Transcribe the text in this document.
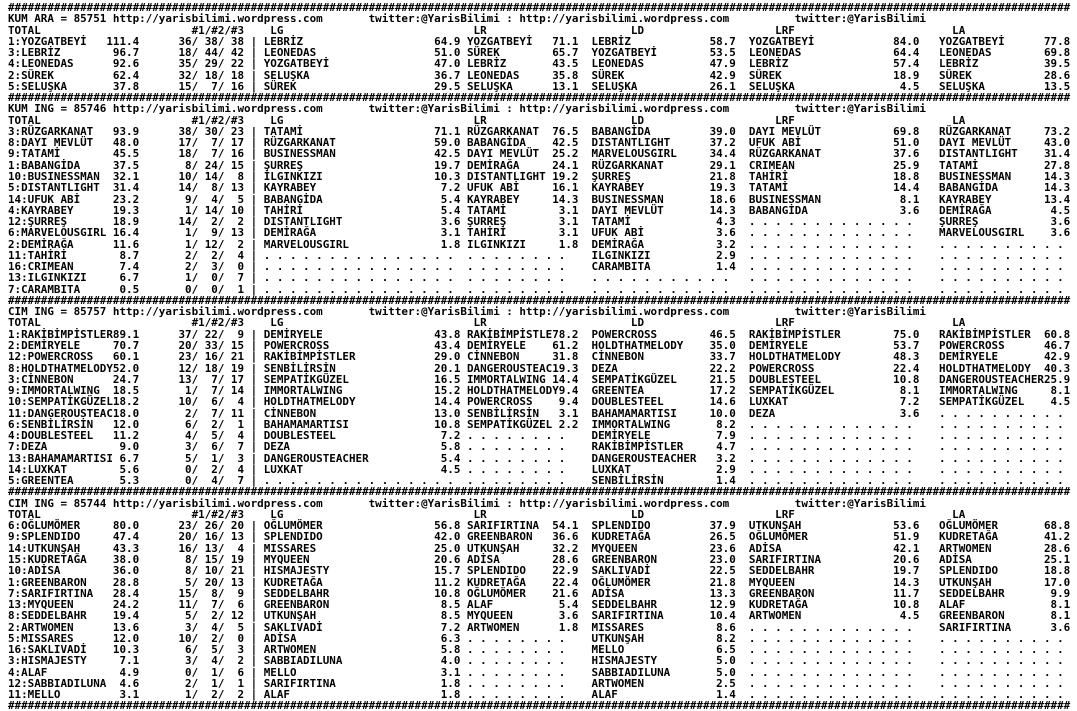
##################################################################################################################################################################
KUM ARA = 85751 http://yarisbilimi.wordpress.com       twitter:@YarisBilimi : http://yarisbilimi.wordpress.com          twitter:@YarisBilimi
TOTAL                       #1/#2/#3    LG                             LR                      LD                    LRF                        LA
1:YOZGATBEYİ   111.4      36/ 38/ 38 | LEBRİZ                    64.9 YOZGATBEYİ   71.1  LEBRİZ            58.7  YOZGATBEYİ            84.0   YOZGATBEYİ      77.8
3:LEBRİZ        96.7      18/ 44/ 42 | LEONEDAS                  51.0 SÜREK        65.7  YOZGATBEYİ        53.5  LEONEDAS              64.4   LEONEDAS        69.8
4:LEONEDAS      92.6      35/ 29/ 22 | YOZGATBEYİ                47.0 LEBRİZ       43.5  LEONEDAS          47.9  LEBRİZ                57.4   LEBRİZ          39.5
2:SÜREK         62.4      32/ 18/ 18 | SELUŞKA                   36.7 LEONEDAS     35.8  SÜREK             42.9  SÜREK                 18.9   SÜREK           28.6
5:SELUŞKA       37.8      15/  7/ 16 | SÜREK                     29.5 SELUŞKA      13.1  SELUŞKA           26.1  SELUŞKA                4.5   SELUŞKA         13.5
##################################################################################################################################################################
KUM ING = 85746 http://yarisbilimi.wordpress.com       twitter:@YarisBilimi : http://yarisbilimi.wordpress.com          twitter:@YarisBilimi
TOTAL                       #1/#2/#3    LG                             LR                      LD                    LRF                        LA
3:RÜZGARKANAT   93.9      38/ 30/ 23 | TATAMİ                    71.1 RÜZGARKANAT  76.5  BABANGİDA         39.0  DAYI MEVLÜT           69.8   RÜZGARKANAT     73.2
8:DAYI MEVLÜT   48.0      17/  7/ 17 | RÜZGARKANAT               59.0 BABANGİDA    42.5  DISTANTLIGHT      37.2  UFUK ABİ              51.0   DAYI MEVLÜT     43.0
9:TATAMİ        45.5      18/  7/ 16 | BUSINESSMAN               42.5 DAYI MEVLÜT  25.2  MARVELOUSGIRL     34.4  RÜZGARKANAT           37.6   DISTANTLIGHT    31.4
1:BABANGİDA     37.5       8/ 24/ 15 | ŞURREŞ                    19.7 DEMİRAĞA     24.1  RÜZGARKANAT       29.1  CRIMEAN               25.9   TATAMİ          27.8
10:BUSINESSMAN  32.1      10/ 14/  8 | İLGINKIZI                 10.3 DISTANTLIGHT 19.2  ŞURREŞ            21.8  TAHİRİ                18.8   BUSINESSMAN     14.3
5:DISTANTLIGHT  31.4      14/  8/ 13 | KAYRABEY                   7.2 UFUK ABİ     16.1  KAYRABEY          19.3  TATAMİ                14.4   BABANGİDA       14.3
14:UFUK ABİ     23.2       9/  4/  5 | BABANGİDA                  5.4 KAYRABEY     14.3  BUSINESSMAN       18.6  BUSINESSMAN            8.1   KAYRABEY        13.4
4:KAYRABEY      19.3       1/ 14/ 10 | TAHİRİ                     5.4 TATAMİ        3.1  DAYI MEVLÜT       14.3  BABANGİDA              3.6   DEMİRAĞA         4.5
12:ŞURREŞ       18.9      14/  2/  2 | DISTANTLIGHT               3.6 ŞURREŞ        3.1  TATAMİ             4.3  . . . . . . . . . . . . .    ŞURREŞ           3.6
6:MARVELOUSGIRL 16.4       1/  9/ 13 | DEMİRAĞA                   3.1 TAHİRİ        3.1  UFUK ABİ           3.6  . . . . . . . . . . . . .    MARVELOUSGIRL    3.6
2:DEMİRAĞA      11.6       1/ 12/  2 | MARVELOUSGIRL              1.8 ILGINKIZI     1.8  DEMİRAĞA           3.2  . . . . . . . . . . . . .    . . . . . . . . . .
11:TAHİRİ        8.7       2/  2/  4 | . . . . . . . . . . . . . . .  . . . . . . . .    ILGINKIZI          2.9  . . . . . . . . . . . . .    . . . . . . . . . .
16:CRIMEAN       7.4       2/  3/  0 | . . . . . . . . . . . . . . .  . . . . . . . .    CARAMBITA          1.4  . . . . . . . . . . . . .    . . . . . . . . . .
13:ILGINKIZI     6.7       1/  0/  7 | . . . . . . . . . . . . . . .  . . . . . . . .    . . . . . . . . . . .   . . . . . . . . . . . . .    . . . . . . . . . .
7:CARAMBITA      0.5       0/  0/  1 | . . . . . . . . . . . . . . .  . . . . . . . .    . . . . . . . . . . .   . . . . . . . . . . . . .    . . . . . . . . . .
##################################################################################################################################################################
CIM ING = 85757 http://yarisbilimi.wordpress.com       twitter:@YarisBilimi : http://yarisbilimi.wordpress.com          twitter:@YarisBilimi
TOTAL                       #1/#2/#3    LG                             LR                      LD                    LRF                        LA
1:RAKİBİMPİSTLER89.1      37/ 22/  9 | DEMİRYELE                 43.8 RAKİBİMPİSTLE78.2  POWERCROSS        46.5  RAKİBİMPİSTLER        75.0   RAKİBİMPİSTLER  60.8
2:DEMİRYELE     70.7      20/ 33/ 15 | POWERCROSS                43.4 DEMİRYELE    61.2  HOLDTHATMELODY    35.0  DEMİRYELE             53.7   POWERCROSS      46.7
12:POWERCROSS   60.1      23/ 16/ 21 | RAKİBİMPİSTLER            29.0 CİNNEBON     31.8  CİNNEBON          33.7  HOLDTHATMELODY        48.3   DEMİRYELE       42.9
8:HOLDTHATMELODY52.0      12/ 18/ 19 | SENBİLİRSİN               20.1 DANGEROUSTEAC19.3  DEZA              22.2  POWERCROSS            22.4   HOLDTHATMELODY  40.3
3:CİNNEBON      24.7      13/  7/ 17 | SEMPATİKGÜZEL             16.5 IMMORTALWING 14.4  SEMPATİKGÜZEL     21.5  DOUBLESTEEL           10.8   DANGEROUSTEACHER25.9
9:IMMORTALWING  18.5       1/  7/ 14 | IMMORTALWING              15.2 HOLDTHATMELODY9.4  GREENTEA          17.2  SEMPATİKGÜZEL          8.1   IMMORTALWING     8.1
10:SEMPATİKGÜZEL18.2      10/  6/  4 | HOLDTHATMELODY            14.4 POWERCROSS    9.4  DOUBLESTEEL       14.6  LUXKAT                 7.2   SEMPATİKGÜZEL    4.5
11:DANGEROUSTEAC18.0       2/  7/ 11 | CİNNEBON                  13.0 SENBİLİRSİN   3.1  BAHAMAMARTISI     10.0  DEZA                   3.6   . . . . . . . . . .
6:SENBİLİRSİN   12.0       6/  2/  1 | BAHAMAMARTISI             10.8 SEMPATİKGÜZEL 2.2  IMMORTALWING       8.2  . . . . . . . . . . . . .    . . . . . . . . . .
4:DOUBLESTEEL   11.2       4/  5/  4 | DOUBLESTEEL                7.2 . . . . . . . .    DEMİRYELE          7.9  . . . . . . . . . . . . .    . . . . . . . . . .
7:DEZA           9.0       3/  6/  7 | DEZA                       5.8 . . . . . . . .    RAKİBİMPİSTLER     4.7  . . . . . . . . . . . . .    . . . . . . . . . .
13:BAHAMAMARTISI 6.7       5/  1/  3 | DANGEROUSTEACHER           5.4 . . . . . . . .    DANGEROUSTEACHER   3.2  . . . . . . . . . . . . .    . . . . . . . . . .
14:LUXKAT        5.6       0/  2/  4 | LUXKAT                     4.5 . . . . . . . .    LUXKAT             2.9  . . . . . . . . . . . . .    . . . . . . . . . .
5:GREENTEA       5.3       0/  4/  7 | . . . . . . . . . . . . . . .  . . . . . . . .    SENBİLİRSİN        1.4  . . . . . . . . . . . . .    . . . . . . . . . .
##################################################################################################################################################################
CIM ING = 85744 http://yarisbilimi.wordpress.com       twitter:@YarisBilimi : http://yarisbilimi.wordpress.com          twitter:@YarisBilimi
TOTAL                       #1/#2/#3    LG                             LR                      LD                    LRF                        LA
6:OĞLUMÖMER     80.0      23/ 26/ 20 | OĞLUMÖMER                 56.8 SARIFIRTINA  54.1  SPLENDIDO         37.9  UTKUNŞAH              53.6   OĞLUMÖMER       68.8
9:SPLENDIDO     47.4      20/ 16/ 13 | SPLENDIDO                 42.0 GREENBARON   36.6  KUDRETAĞA         26.5  OĞLUMÖMER             51.9   KUDRETAĞA       41.2
14:UTKUNŞAH     43.3      16/ 13/  4 | MISSARES                  25.0 UTKUNŞAH     32.2  MYQUEEN           23.6  ADİSA                 42.1   ARTWOMEN        28.6
15:KUDRETAĞA    38.0       8/ 15/ 19 | MYQUEEN                   20.6 ADİSA        28.6  GREENBARON        23.0  SARIFIRTINA           20.6   ADİSA           25.1
10:ADİSA        36.0       8/ 10/ 21 | HISMAJESTY                15.7 SPLENDIDO    22.9  SAKLIVADİ         22.5  SEDDELBAHR            19.7   SPLENDIDO       18.8
1:GREENBARON    28.8       5/ 20/ 13 | KUDRETAĞA                 11.2 KUDRETAĞA    22.4  OĞLUMÖMER         21.8  MYQUEEN               14.3   UTKUNŞAH        17.0
7:SARIFIRTINA   28.4      15/  8/  9 | SEDDELBAHR                10.8 OĞLUMÖMER    21.6  ADİSA             13.3  GREENBARON            11.7   SEDDELBAHR       9.9
13:MYQUEEN      24.2      11/  7/  6 | GREENBARON                 8.5 ALAF          5.4  SEDDELBAHR        12.9  KUDRETAĞA             10.8   ALAF             8.1
8:SEDDELBAHR    19.4       5/  2/ 12 | UTKUNŞAH                   8.5 MYQUEEN       3.6  SARIFIRTINA       10.4  ARTWOMEN               4.5   GREENBARON       8.1
2:ARTWOMEN      13.6       3/  4/  5 | SAKLIVADİ                  7.2 ARTWOMEN      1.8  MISSARES           8.6  . . . . . . . . . . . . .    SARIFIRTINA      3.6
5:MISSARES      12.0      10/  2/  0 | ADİSA                      6.3 . . . . . . . .    UTKUNŞAH           8.2  . . . . . . . . . . . . .    . . . . . . . . . .
16:SAKLIVADİ    10.3       6/  5/  3 | ARTWOMEN                   5.8 . . . . . . . .    MELLO              6.5  . . . . . . . . . . . . .    . . . . . . . . . .
3:HISMAJESTY     7.1       3/  4/  2 | SABBIADILUNA               4.0 . . . . . . . .    HISMAJESTY         5.0  . . . . . . . . . . . . .    . . . . . . . . . .
4:ALAF           4.9       0/  1/  6 | MELLO                      3.1 . . . . . . . .    SABBIADILUNA       5.0  . . . . . . . . . . . . .    . . . . . . . . . .
12:SABBIADILUNA  4.6       2/  1/  1 | SARIFIRTINA                1.8 . . . . . . . .    ARTWOMEN           2.5  . . . . . . . . . . . . .    . . . . . . . . . .
11:MELLO         3.1       1/  2/  2 | ALAF                       1.8 . . . . . . . .    ALAF               1.4  . . . . . . . . . . . . .    . . . . . . . . . .
##################################################################################################################################################################
